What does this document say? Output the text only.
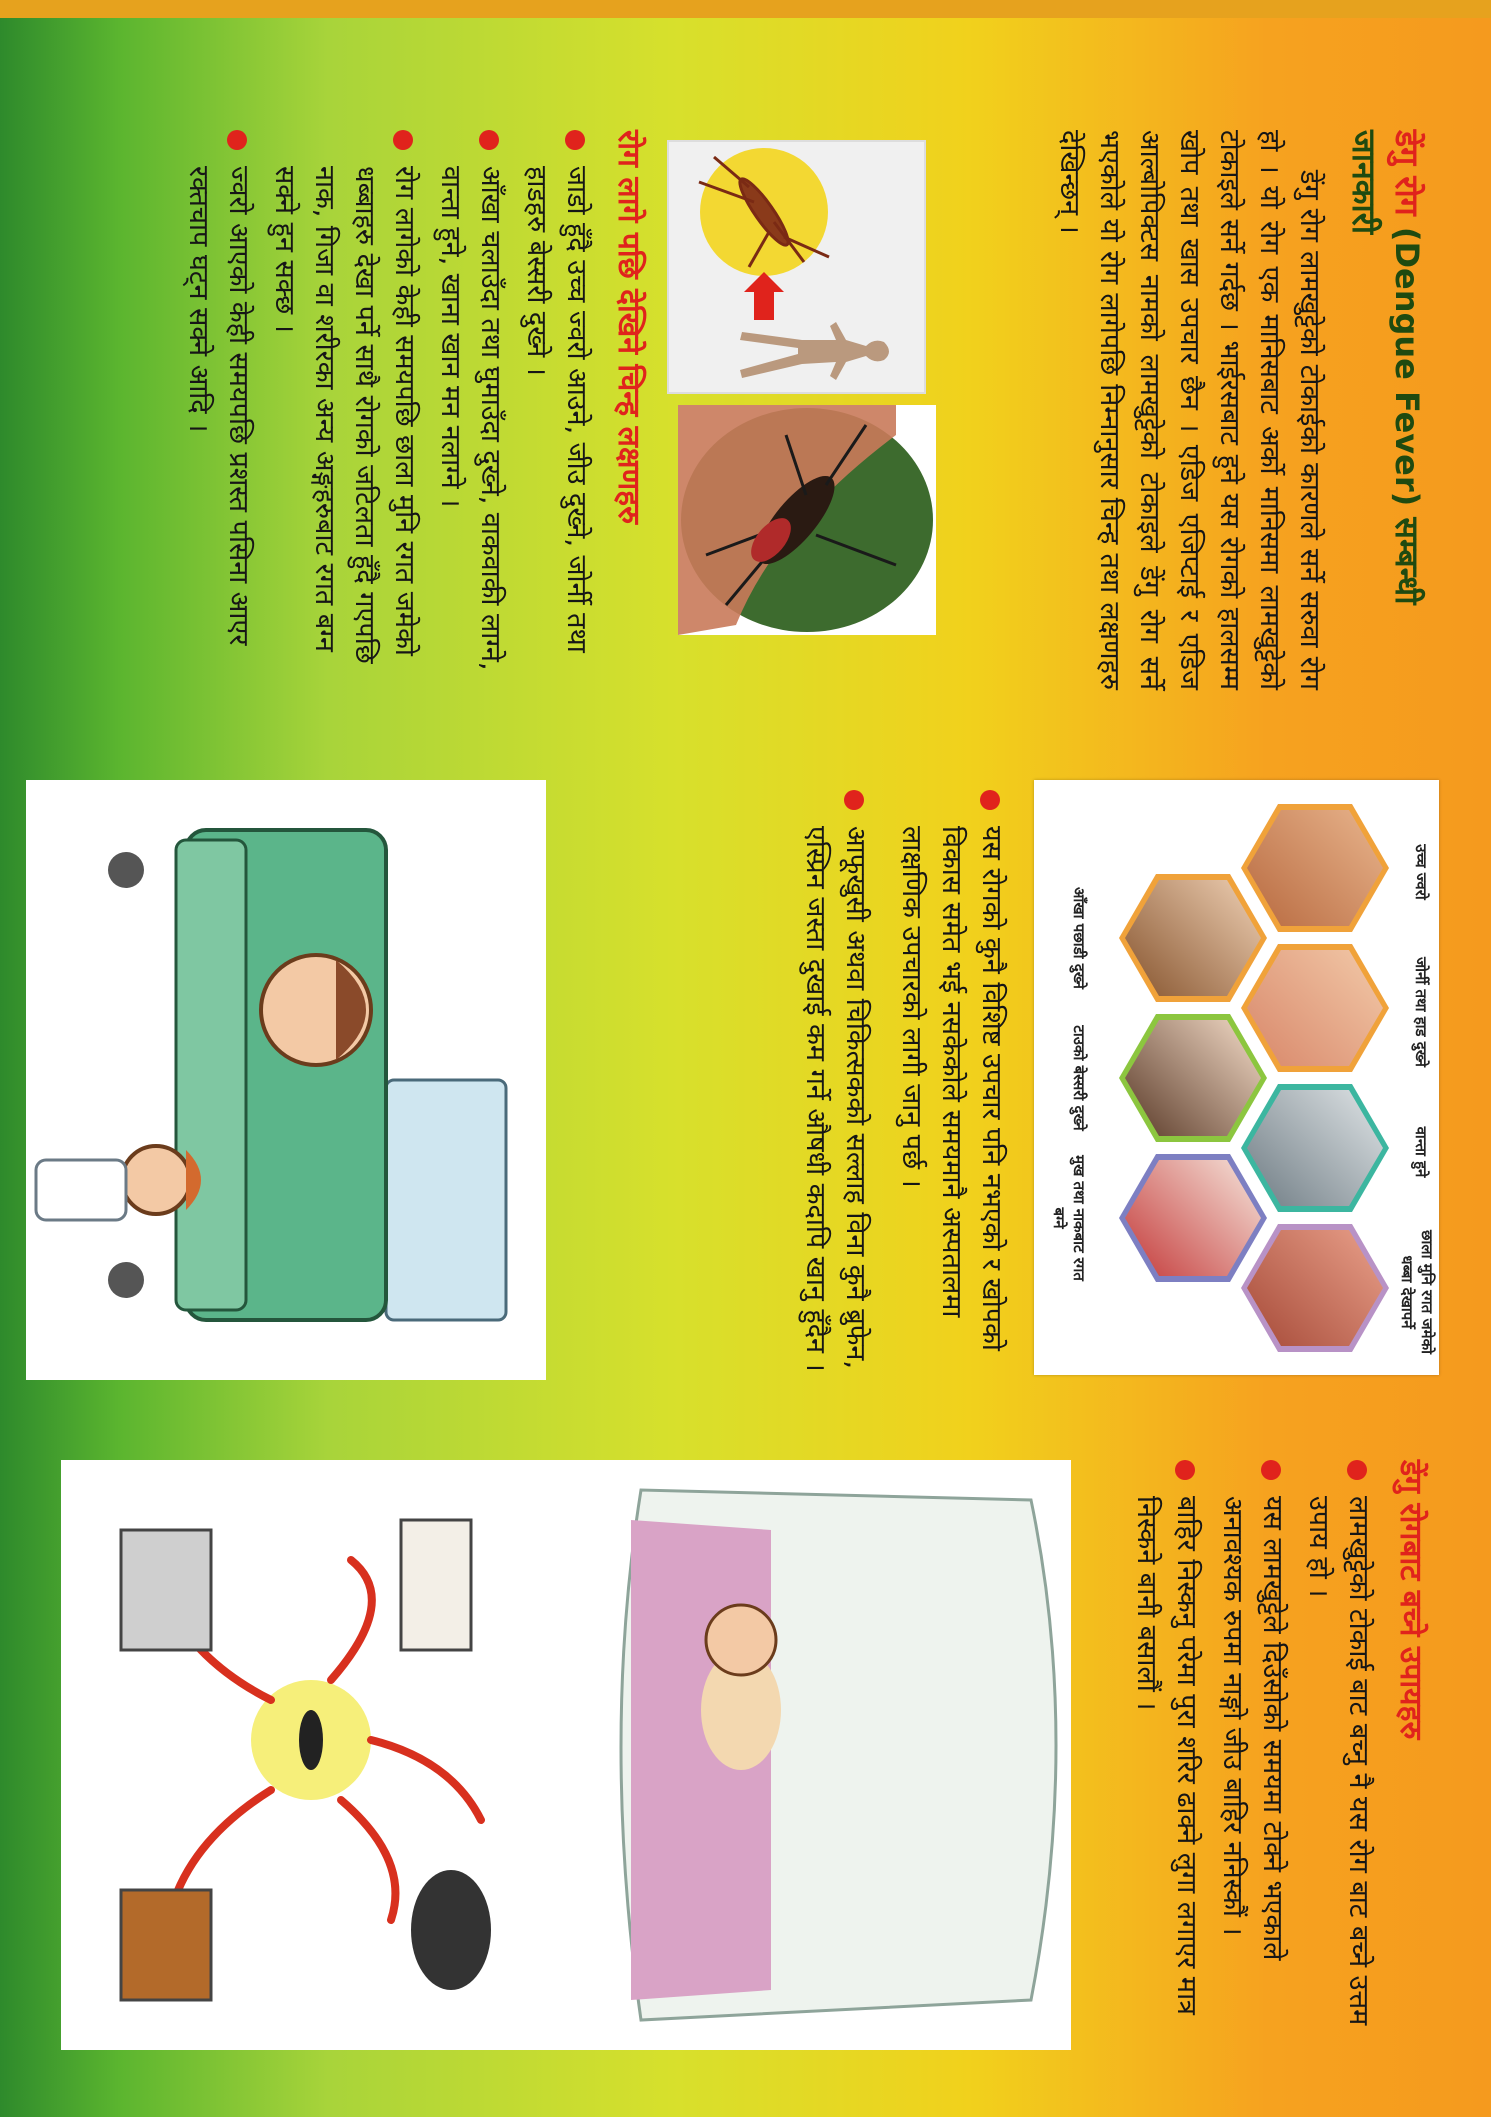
डेंगु रोग (Dengue Fever) सम्बन्धी जानकारी

डेंगु रोग लामखुट्टेको टोकाईको कारणले सर्ने सरुवा रोग हो । यो रोग एक मानिसबाट अर्को मानिसमा लामखुट्टेको टोकाइले सर्ने गर्दछ । भाईरसबाट हुने यस रोगको हालसम्म खोप तथा खास उपचार छैन । एडिज एजिप्टाई र एडिज आल्बोपिक्टस नामको लामखुट्टेको टोकाइले डेंगु रोग सर्ने भएकोले यो रोग लागेपछि निम्नानुसार चिन्ह तथा लक्षणहरु देखिन्छन् ।

रोग लागे पछि देखिने चिन्ह लक्षणहरु

जाडो हुँदै उच्च ज्वरो आउने, जीउ दुख्ने, जोर्नी तथा हाडहरु बेस्सरी दुख्ने ।

आँखा चलाउँदा तथा घुमाउँदा दुख्ने, वाकवाकी लाग्ने, वान्ता हुने, खाना खान मन नलाग्ने ।

रोग लागेको केही समयपछि छाला मुनि रगत जमेको धब्बाहरु देखा पर्ने साथै रोगको जटिलता हुँदै गएपछि नाक, गिजा वा शरीरका अन्य अङ्गहरुबाट रगत बग्न सक्ने हुन सक्छ ।

ज्वरो आएको केही समयपछि प्रशस्त पसिना आएर रक्तचाप घट्न सक्ने आदि ।

उच्च ज्वरो
जोर्नी तथा हाड दुख्ने
वान्ता हुने
छाला मुनि रगत जमेको धब्बा देखापर्ने
आँखा पछाडी दुख्ने
टाउको बेस्सरी दुख्ने
मुख तथा नाकबाट रगत बग्ने

यस रोगको कुनै विशिष्ट उपचार पनि नभएको र खोपको विकास समेत भई नसकेकोले समयमानै अस्पतालमा लाक्षणिक उपचारको लागी जानु पर्छ ।

आफूखुसी अथवा चिकित्सकको सल्लाह विना कुनै ब्रुफेन, एस्प्रिन जस्ता दुखाई कम गर्ने औषधी कदापि खानु हुँदैन ।

डेंगु रोगबाट बच्ने उपायहरु

लामखुट्टेको टोकाई बाट बच्नु नै यस रोग बाट बच्ने उत्तम उपाय हो ।

यस लामखुट्टेले दिउँसोको समयमा टोक्ने भएकाले अनावश्यक रुपमा नाङ्गो जीउ बाहिर ननिस्कौं ।

बाहिर निस्कनु परेमा पुरा शरिर ढाक्ने लुगा लगाएर मात्र निस्कने बानी बसालौं ।
